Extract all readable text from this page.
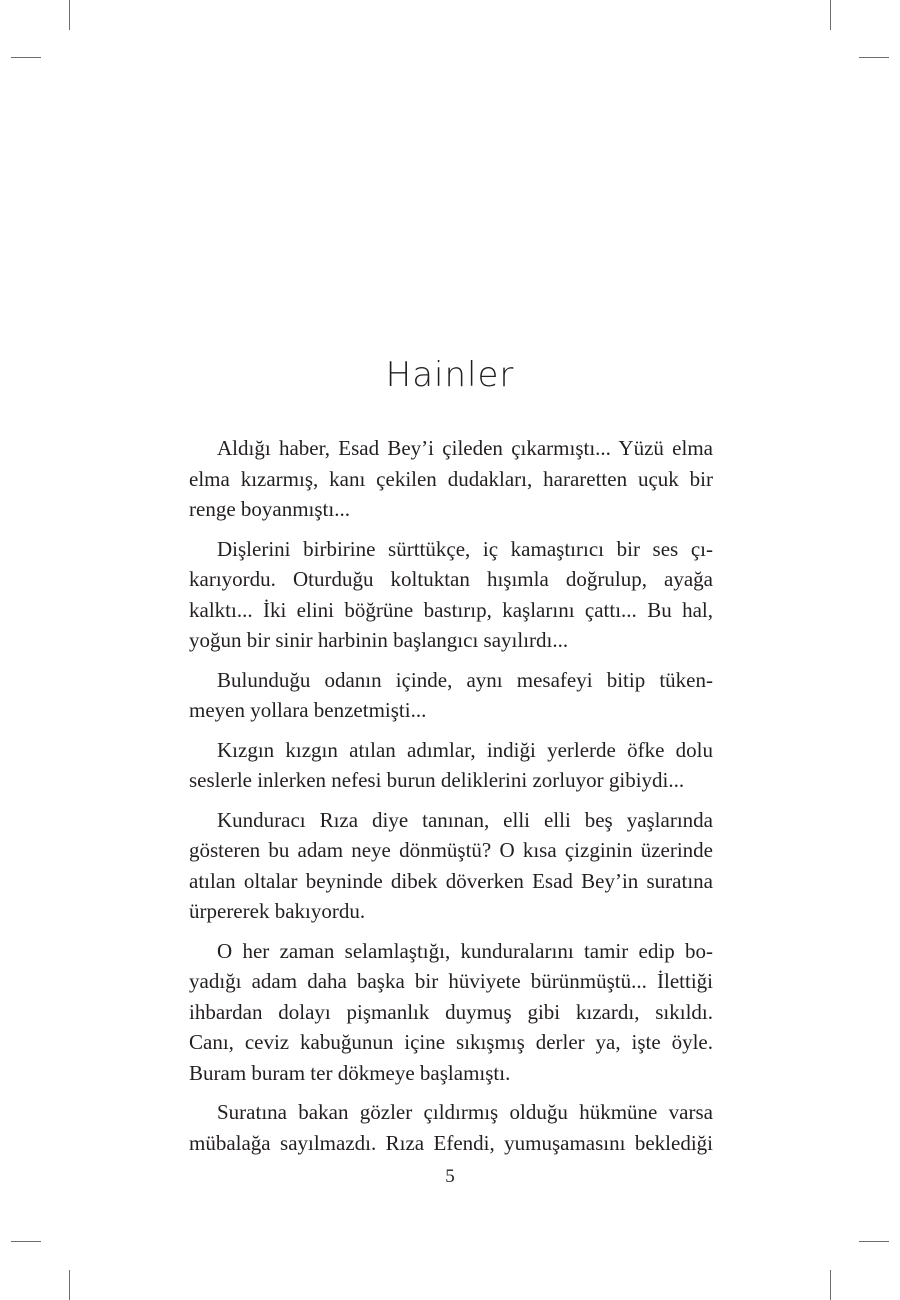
Hainler

Aldığı haber, Esad Bey’i çileden çıkarmıştı... Yüzü elma
elma kızarmış, kanı çekilen dudakları, hararetten uçuk bir
renge boyanmıştı...

Dişlerini birbirine sürttükçe, iç kamaştırıcı bir ses çı-
karıyordu. Oturduğu koltuktan hışımla doğrulup, ayağa
kalktı... İki elini böğrüne bastırıp, kaşlarını çattı... Bu hal,
yoğun bir sinir harbinin başlangıcı sayılırdı...

Bulunduğu odanın içinde, aynı mesafeyi bitip tüken-
meyen yollara benzetmişti...

Kızgın kızgın atılan adımlar, indiği yerlerde öfke dolu
seslerle inlerken nefesi burun deliklerini zorluyor gibiydi...

Kunduracı Rıza diye tanınan, elli elli beş yaşlarında
gösteren bu adam neye dönmüştü? O kısa çizginin üzerinde
atılan oltalar beyninde dibek döverken Esad Bey’in suratına
ürpererek bakıyordu.

O her zaman selamlaştığı, kunduralarını tamir edip bo-
yadığı adam daha başka bir hüviyete bürünmüştü... İlettiği
ihbardan dolayı pişmanlık duymuş gibi kızardı, sıkıldı.
Canı, ceviz kabuğunun içine sıkışmış derler ya, işte öyle.
Buram buram ter dökmeye başlamıştı.

Suratına bakan gözler çıldırmış olduğu hükmüne varsa
mübalağa sayılmazdı. Rıza Efendi, yumuşamasını beklediği

5
